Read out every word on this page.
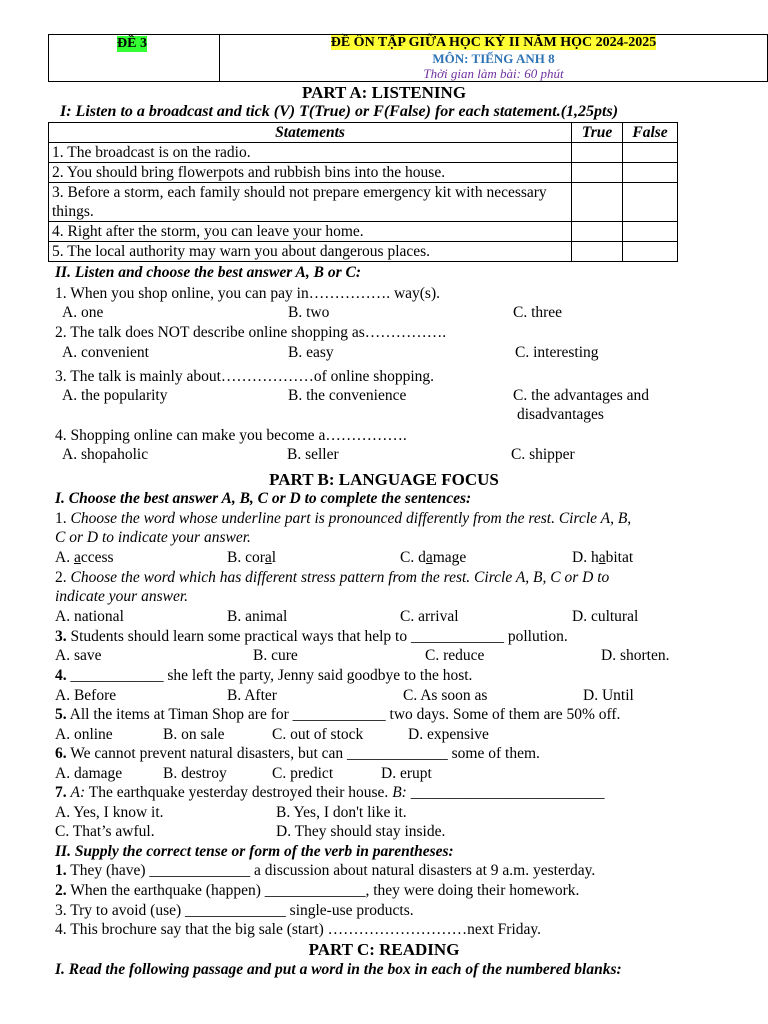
ĐỀ 3	ĐỀ ÔN TẬP GIỮA HỌC KỲ II NĂM HỌC 2024-2025
MÔN: TIẾNG ANH 8
Thời gian làm bài: 60 phút
PART A: LISTENING
I: Listen to a broadcast and tick (V) T(True) or F(False) for each statement.(1,25pts)
Statements	True	False
1. The broadcast is on the radio.		
2. You should bring flowerpots and rubbish bins into the house.		
3. Before a storm, each family should not prepare emergency kit with necessary things.		
4. Right after the storm, you can leave your home.		
5. The local authority may warn you about dangerous places.		
II. Listen and choose the best answer A, B or C:
1. When you shop online, you can pay in……………. way(s).
A. one	B. two	C. three
2. The talk does NOT describe online shopping as…………….
A. convenient	B. easy	C. interesting
3. The talk is mainly about………………of online shopping.
A. the popularity	B. the convenience	C. the advantages and
disadvantages
4. Shopping online can make you become a…………….
A. shopaholic	B. seller	C. shipper
PART B: LANGUAGE FOCUS
I. Choose the best answer A, B, C or D to complete the sentences:
1. Choose the word whose underline part is pronounced differently from the rest. Circle A, B,
C or D to indicate your answer.
A. access	B. coral	C. damage	D. habitat
2. Choose the word which has different stress pattern from the rest. Circle A, B, C or D to
indicate your answer.
A. national	B. animal	C. arrival	D. cultural
3. Students should learn some practical ways that help to ____________ pollution.
A. save	B. cure	C. reduce	D. shorten.
4. ____________ she left the party, Jenny said goodbye to the host.
A. Before	B. After	C. As soon as	D. Until
5. All the items at Timan Shop are for ____________ two days. Some of them are 50% off.
A. online	B. on sale	C. out of stock	D. expensive
6. We cannot prevent natural disasters, but can _____________ some of them.
A. damage	B. destroy	C. predict	D. erupt
7. A: The earthquake yesterday destroyed their house. B: _________________________
A. Yes, I know it.	B. Yes, I don't like it.
C. That’s awful.	D. They should stay inside.
II. Supply the correct tense or form of the verb in parentheses:
1. They (have) _____________ a discussion about natural disasters at 9 a.m. yesterday.
2. When the earthquake (happen) _____________, they were doing their homework.
3. Try to avoid (use) _____________ single-use products.
4. This brochure say that the big sale (start) ………………………next Friday.
PART C: READING
I. Read the following passage and put a word in the box in each of the numbered blanks:
